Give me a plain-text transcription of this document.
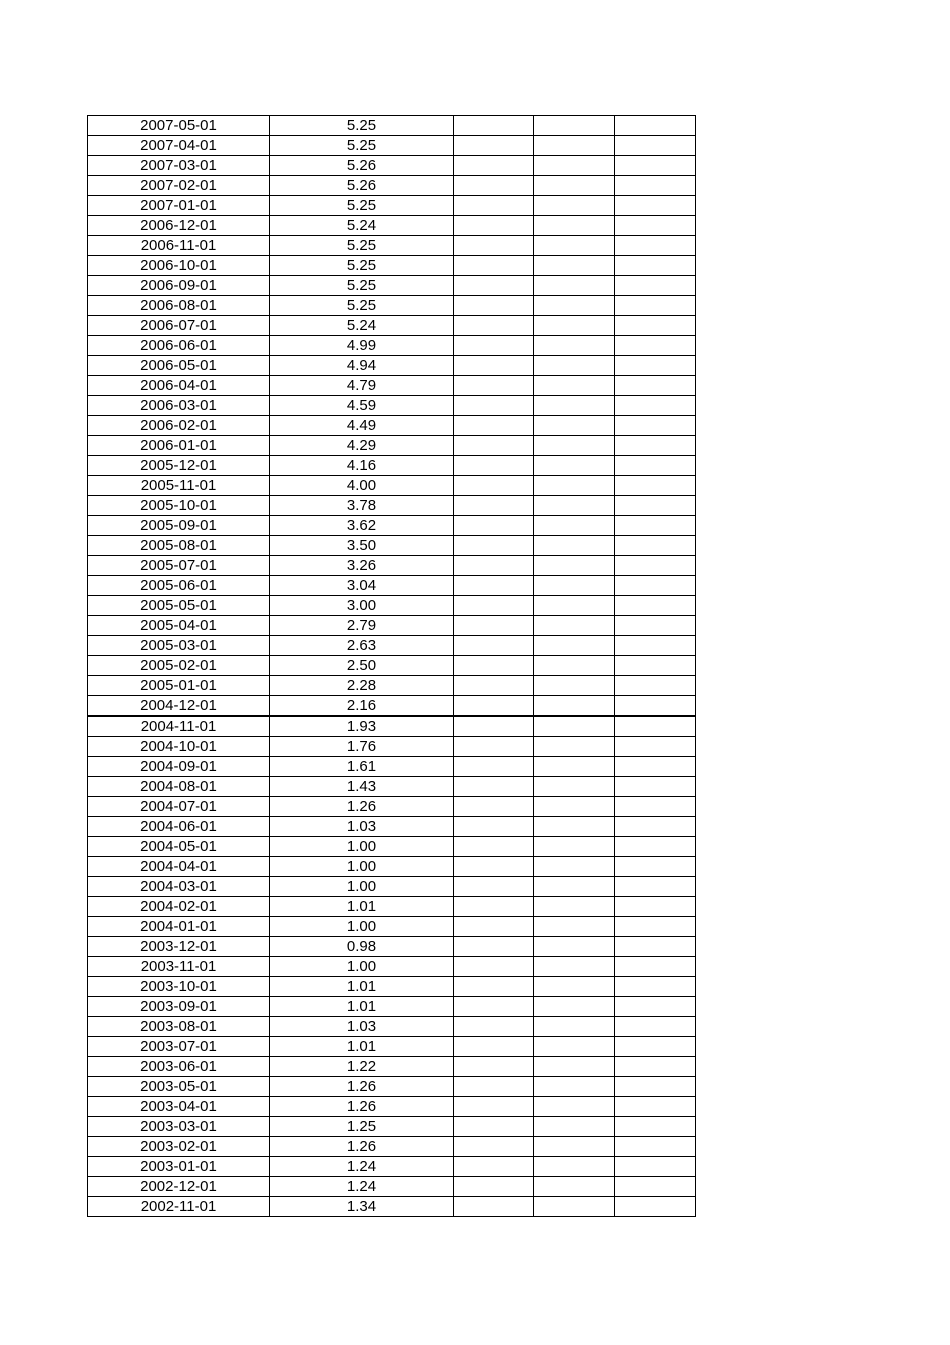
2007-05-01	5.25			
2007-04-01	5.25			
2007-03-01	5.26			
2007-02-01	5.26			
2007-01-01	5.25			
2006-12-01	5.24			
2006-11-01	5.25			
2006-10-01	5.25			
2006-09-01	5.25			
2006-08-01	5.25			
2006-07-01	5.24			
2006-06-01	4.99			
2006-05-01	4.94			
2006-04-01	4.79			
2006-03-01	4.59			
2006-02-01	4.49			
2006-01-01	4.29			
2005-12-01	4.16			
2005-11-01	4.00			
2005-10-01	3.78			
2005-09-01	3.62			
2005-08-01	3.50			
2005-07-01	3.26			
2005-06-01	3.04			
2005-05-01	3.00			
2005-04-01	2.79			
2005-03-01	2.63			
2005-02-01	2.50			
2005-01-01	2.28			
2004-12-01	2.16			
2004-11-01	1.93			
2004-10-01	1.76			
2004-09-01	1.61			
2004-08-01	1.43			
2004-07-01	1.26			
2004-06-01	1.03			
2004-05-01	1.00			
2004-04-01	1.00			
2004-03-01	1.00			
2004-02-01	1.01			
2004-01-01	1.00			
2003-12-01	0.98			
2003-11-01	1.00			
2003-10-01	1.01			
2003-09-01	1.01			
2003-08-01	1.03			
2003-07-01	1.01			
2003-06-01	1.22			
2003-05-01	1.26			
2003-04-01	1.26			
2003-03-01	1.25			
2003-02-01	1.26			
2003-01-01	1.24			
2002-12-01	1.24			
2002-11-01	1.34			
